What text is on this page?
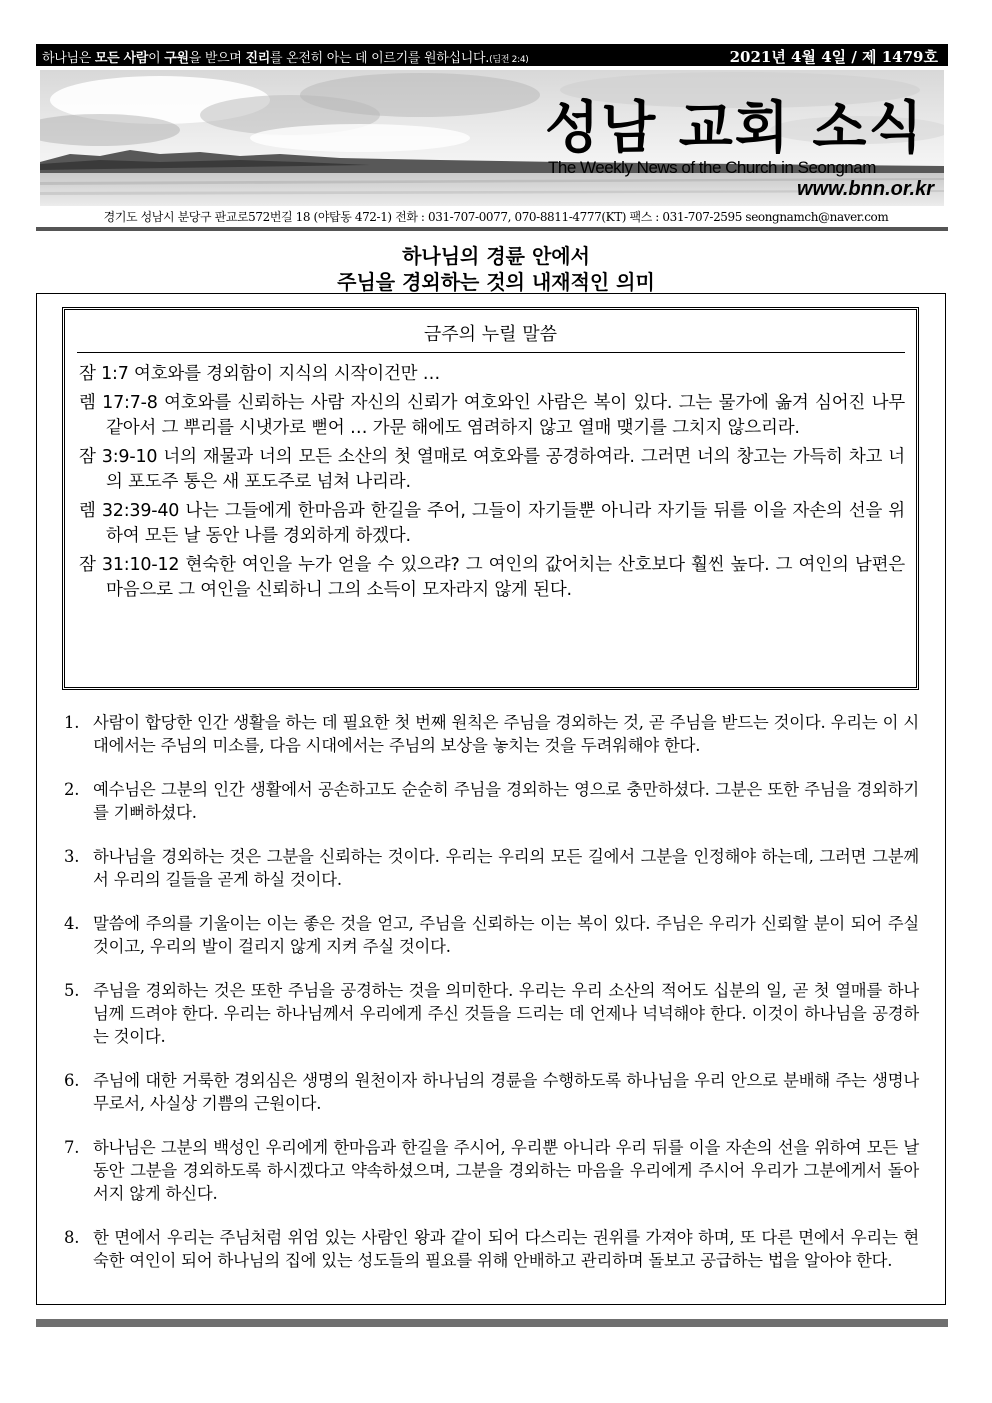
하나님은 모든 사람이 구원을 받으며 진리를 온전히 아는 데 이르기를 원하십니다.(딤전 2:4)	2021년 4월 4일 / 제 1479호
성남 교회 소식
The Weekly News of the Church in Seongnam
www.bnn.or.kr
경기도 성남시 분당구 판교로572번길 18 (야탑동 472-1) 전화 : 031-707-0077, 070-8811-4777(KT) 팩스 : 031-707-2595 seongnamch@naver.com
하나님의 경륜 안에서
주님을 경외하는 것의 내재적인 의미
금주의 누릴 말씀
잠 1:7 여호와를 경외함이 지식의 시작이건만 …
렘 17:7-8 여호와를 신뢰하는 사람 자신의 신뢰가 여호와인 사람은 복이 있다. 그는 물가에 옮겨 심어진 나무 같아서 그 뿌리를 시냇가로 뻗어 … 가문 해에도 염려하지 않고 열매 맺기를 그치지 않으리라.
잠 3:9-10 너의 재물과 너의 모든 소산의 첫 열매로 여호와를 공경하여라. 그러면 너의 창고는 가득히 차고 너의 포도주 통은 새 포도주로 넘쳐 나리라.
렘 32:39-40 나는 그들에게 한마음과 한길을 주어, 그들이 자기들뿐 아니라 자기들 뒤를 이을 자손의 선을 위하여 모든 날 동안 나를 경외하게 하겠다.
잠 31:10-12 현숙한 여인을 누가 얻을 수 있으랴? 그 여인의 값어치는 산호보다 훨씬 높다. 그 여인의 남편은 마음으로 그 여인을 신뢰하니 그의 소득이 모자라지 않게 된다.
1. 사람이 합당한 인간 생활을 하는 데 필요한 첫 번째 원칙은 주님을 경외하는 것, 곧 주님을 받드는 것이다. 우리는 이 시대에서는 주님의 미소를, 다음 시대에서는 주님의 보상을 놓치는 것을 두려워해야 한다.
2. 예수님은 그분의 인간 생활에서 공손하고도 순순히 주님을 경외하는 영으로 충만하셨다. 그분은 또한 주님을 경외하기를 기뻐하셨다.
3. 하나님을 경외하는 것은 그분을 신뢰하는 것이다. 우리는 우리의 모든 길에서 그분을 인정해야 하는데, 그러면 그분께서 우리의 길들을 곧게 하실 것이다.
4. 말씀에 주의를 기울이는 이는 좋은 것을 얻고, 주님을 신뢰하는 이는 복이 있다. 주님은 우리가 신뢰할 분이 되어 주실 것이고, 우리의 발이 걸리지 않게 지켜 주실 것이다.
5. 주님을 경외하는 것은 또한 주님을 공경하는 것을 의미한다. 우리는 우리 소산의 적어도 십분의 일, 곧 첫 열매를 하나님께 드려야 한다. 우리는 하나님께서 우리에게 주신 것들을 드리는 데 언제나 넉넉해야 한다. 이것이 하나님을 공경하는 것이다.
6. 주님에 대한 거룩한 경외심은 생명의 원천이자 하나님의 경륜을 수행하도록 하나님을 우리 안으로 분배해 주는 생명나무로서, 사실상 기쁨의 근원이다.
7. 하나님은 그분의 백성인 우리에게 한마음과 한길을 주시어, 우리뿐 아니라 우리 뒤를 이을 자손의 선을 위하여 모든 날 동안 그분을 경외하도록 하시겠다고 약속하셨으며, 그분을 경외하는 마음을 우리에게 주시어 우리가 그분에게서 돌아서지 않게 하신다.
8. 한 면에서 우리는 주님처럼 위엄 있는 사람인 왕과 같이 되어 다스리는 권위를 가져야 하며, 또 다른 면에서 우리는 현숙한 여인이 되어 하나님의 집에 있는 성도들의 필요를 위해 안배하고 관리하며 돌보고 공급하는 법을 알아야 한다.
